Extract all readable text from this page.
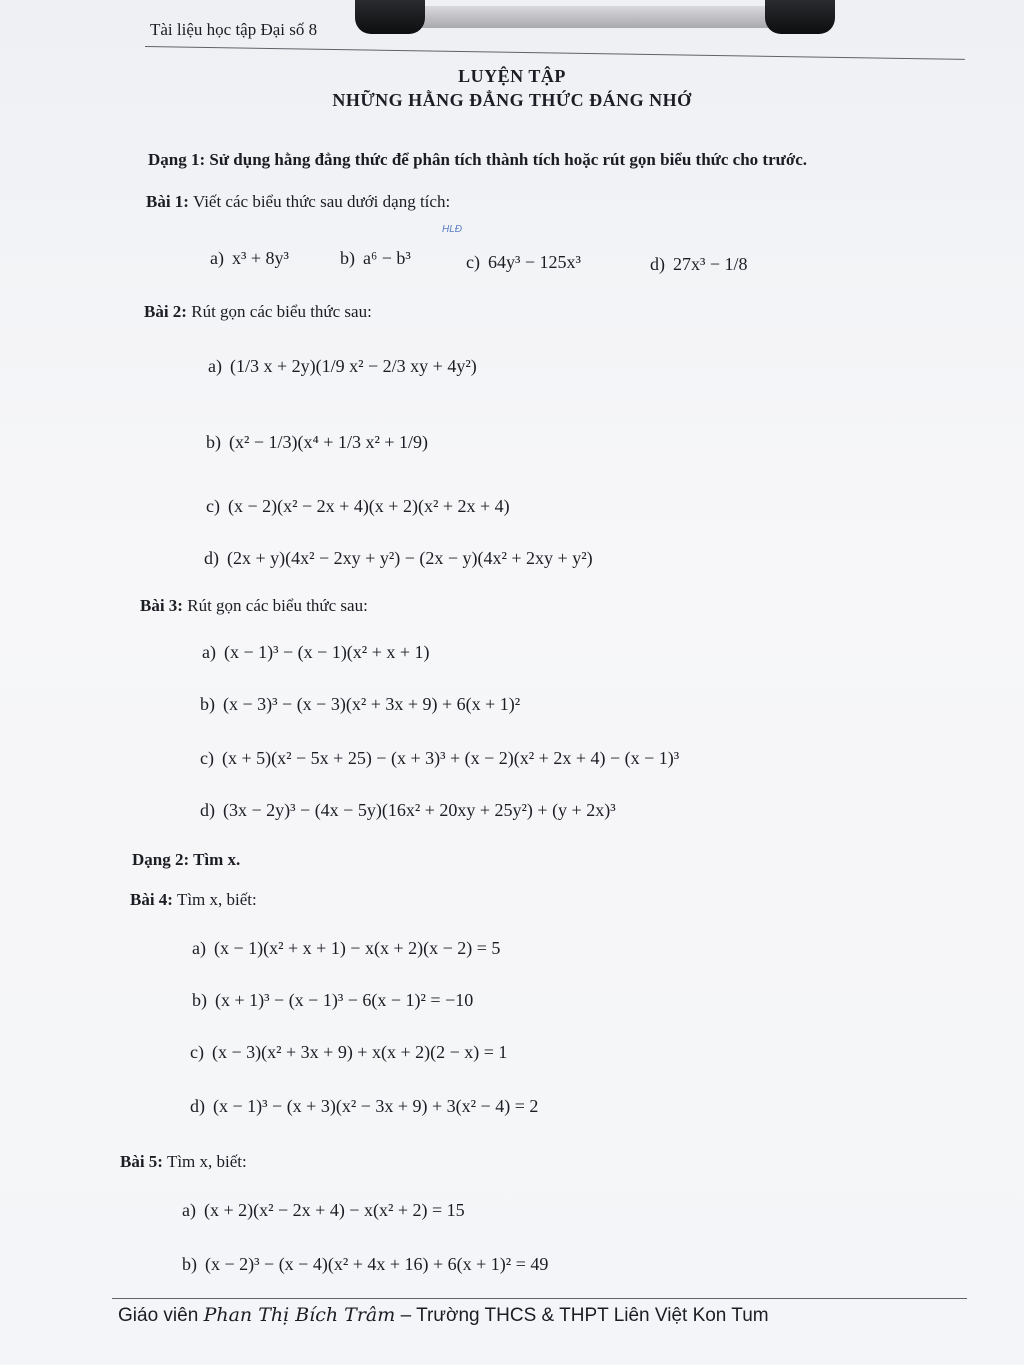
Tài liệu học tập Đại số 8
LUYỆN TẬP
NHỮNG HẰNG ĐẲNG THỨC ĐÁNG NHỚ
Dạng 1: Sử dụng hằng đẳng thức để phân tích thành tích hoặc rút gọn biểu thức cho trước.
Bài 1: Viết các biểu thức sau dưới dạng tích:
HLĐ
a) x³ + 8y³	b) a⁶ − b³	c) 64y³ − 125x³	d) 27x³ − 1/8
Bài 2: Rút gọn các biểu thức sau:
a) (1/3 x + 2y)(1/9 x² − 2/3 xy + 4y²)
b) (x² − 1/3)(x⁴ + 1/3 x² + 1/9)
c) (x − 2)(x² − 2x + 4)(x + 2)(x² + 2x + 4)
d) (2x + y)(4x² − 2xy + y²) − (2x − y)(4x² + 2xy + y²)
Bài 3: Rút gọn các biểu thức sau:
a) (x − 1)³ − (x − 1)(x² + x + 1)
b) (x − 3)³ − (x − 3)(x² + 3x + 9) + 6(x + 1)²
c) (x + 5)(x² − 5x + 25) − (x + 3)³ + (x − 2)(x² + 2x + 4) − (x − 1)³
d) (3x − 2y)³ − (4x − 5y)(16x² + 20xy + 25y²) + (y + 2x)³
Dạng 2: Tìm x.
Bài 4: Tìm x, biết:
a) (x − 1)(x² + x + 1) − x(x + 2)(x − 2) = 5
b) (x + 1)³ − (x − 1)³ − 6(x − 1)² = −10
c) (x − 3)(x² + 3x + 9) + x(x + 2)(2 − x) = 1
d) (x − 1)³ − (x + 3)(x² − 3x + 9) + 3(x² − 4) = 2
Bài 5: Tìm x, biết:
a) (x + 2)(x² − 2x + 4) − x(x² + 2) = 15
b) (x − 2)³ − (x − 4)(x² + 4x + 16) + 6(x + 1)² = 49
Giáo viên Phan Thị Bích Trâm – Trường THCS & THPT Liên Việt Kon Tum
